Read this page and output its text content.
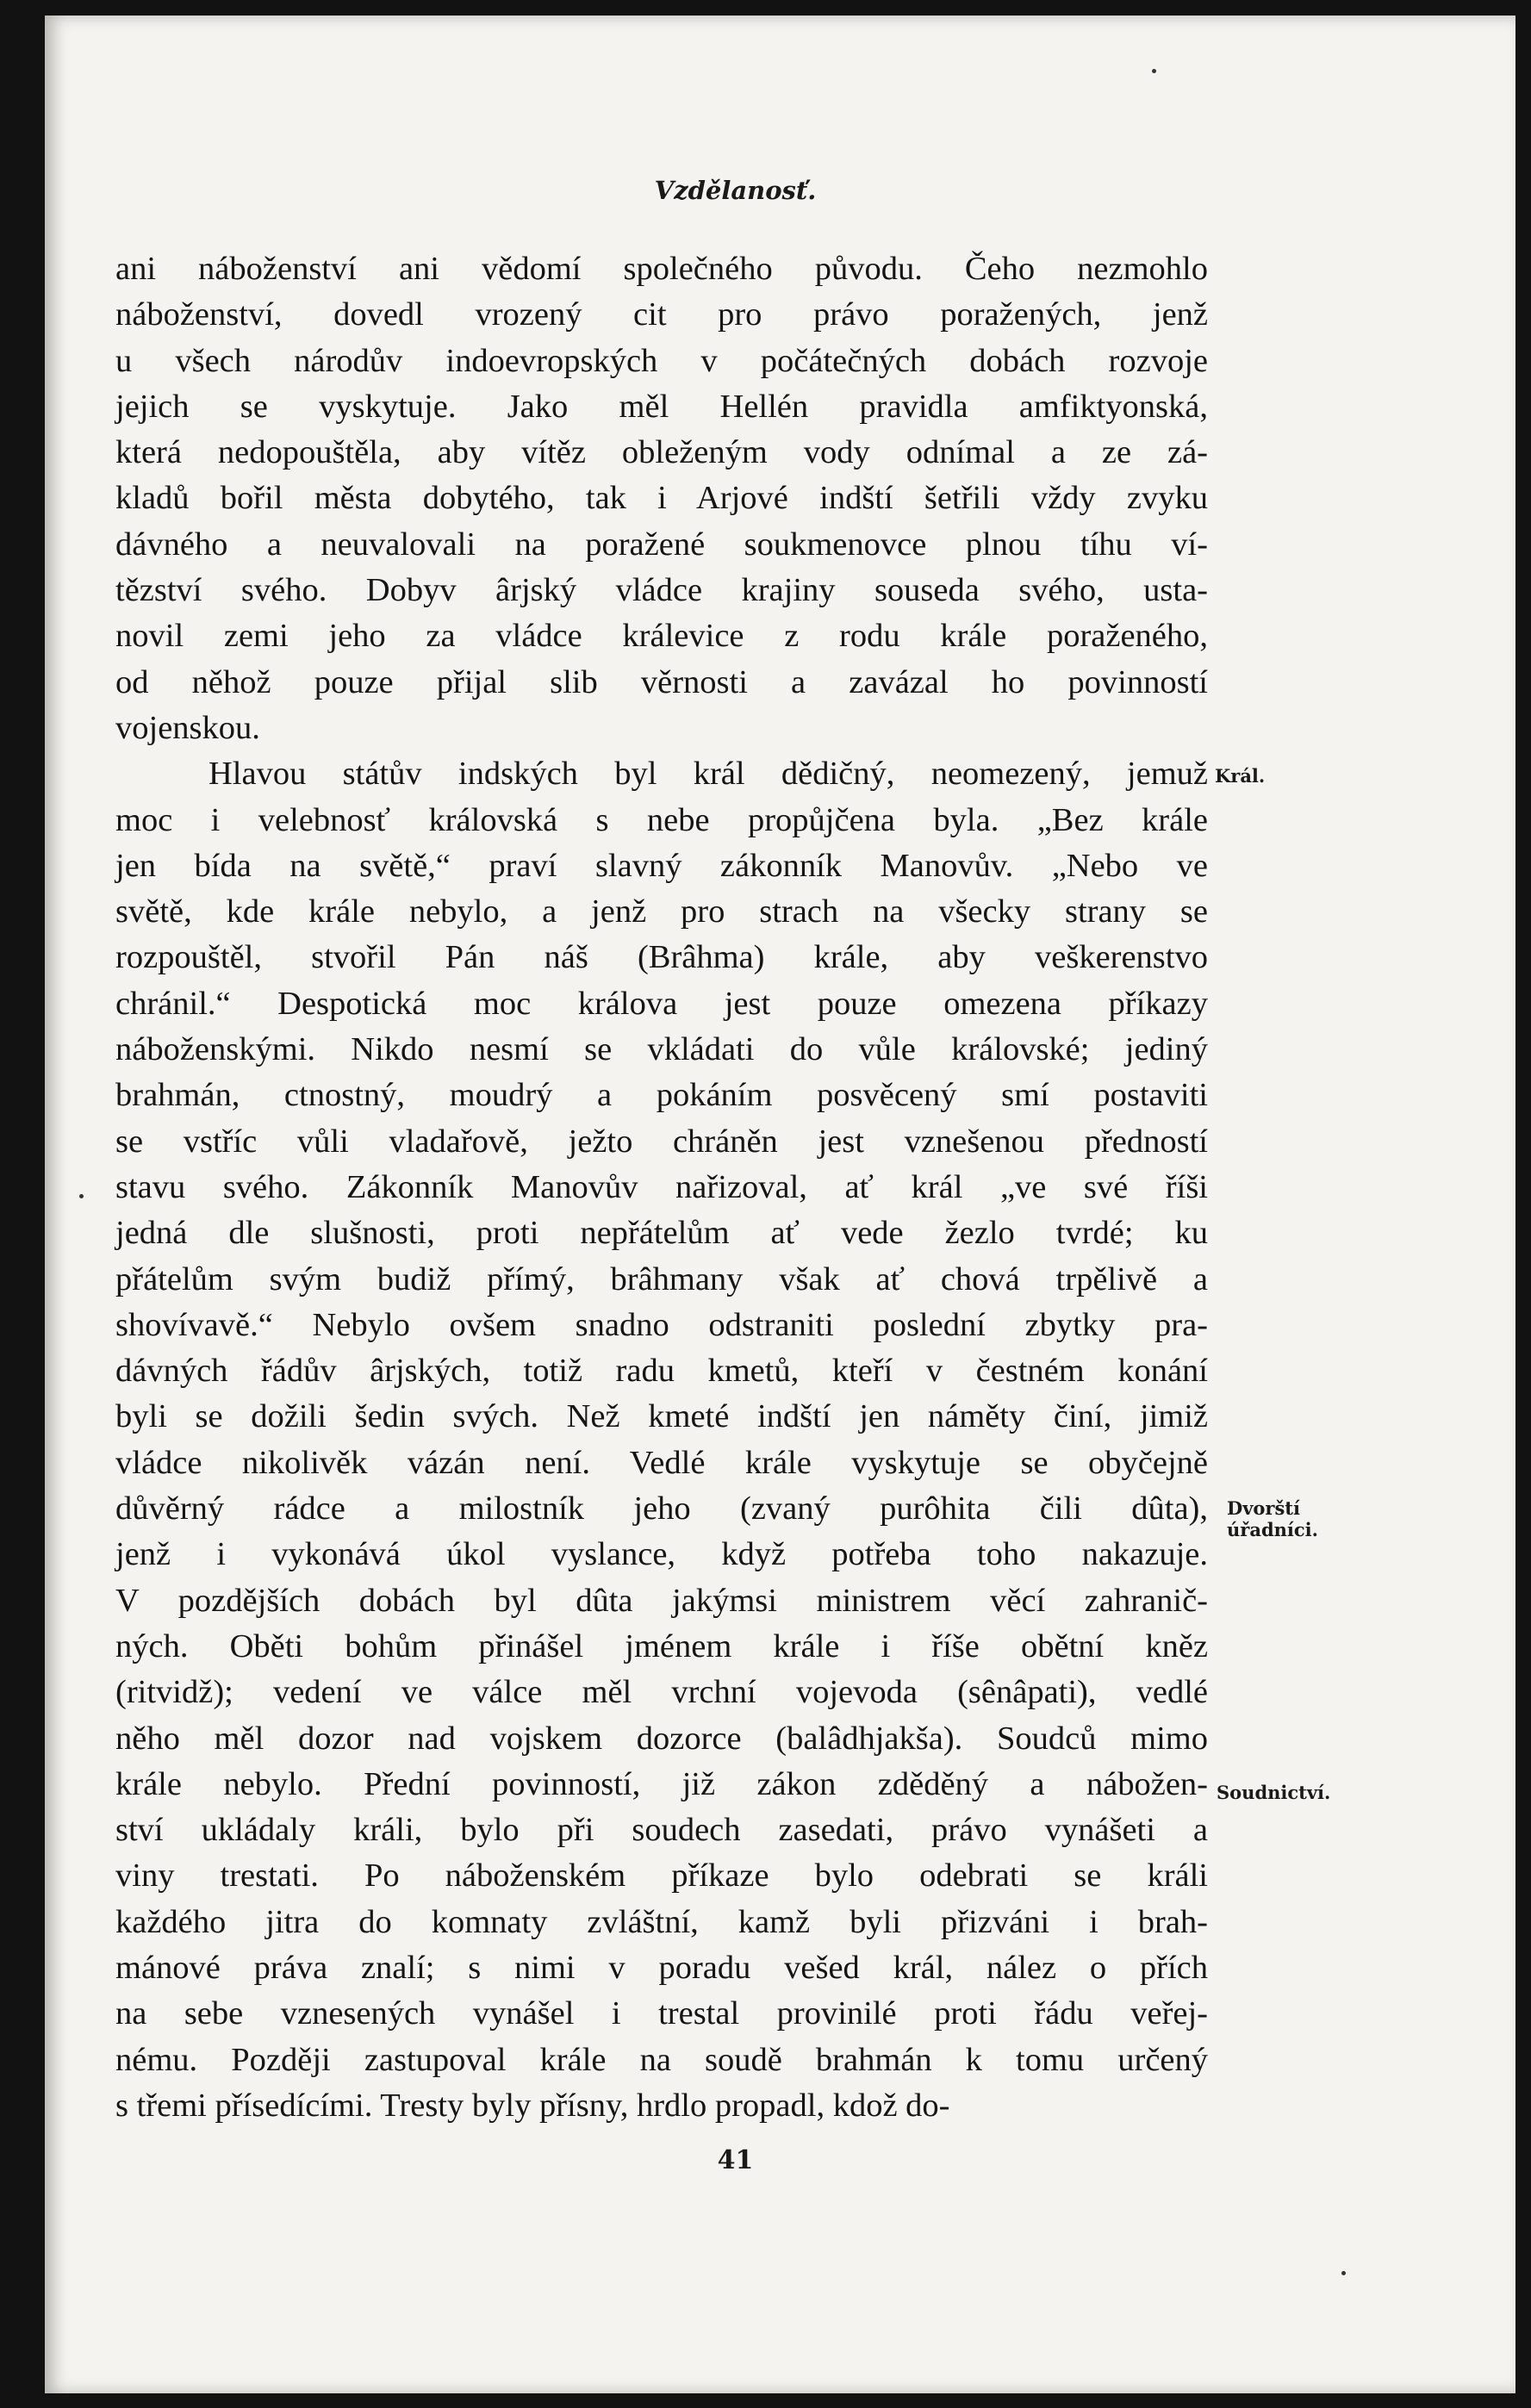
Vzdělanosť.

ani náboženství ani vědomí společného původu. Čeho nezmohlo
náboženství, dovedl vrozený cit pro právo poražených, jenž
u všech národův indoevropských v počátečných dobách rozvoje
jejich se vyskytuje. Jako měl Hellén pravidla amfiktyonská,
která nedopouštěla, aby vítěz obleženým vody odnímal a ze zá-
kladů bořil města dobytého, tak i Arjové indští šetřili vždy zvyku
dávného a neuvalovali na poražené soukmenovce plnou tíhu ví-
tězství svého. Dobyv ârjský vládce krajiny souseda svého, usta-
novil zemi jeho za vládce králevice z rodu krále poraženého,
od něhož pouze přijal slib věrnosti a zavázal ho povinností
vojenskou.

Hlavou státův indských byl král dědičný, neomezený, jemuž
moc i velebnosť královská s nebe propůjčena byla. „Bez krále
jen bída na světě,“ praví slavný zákonník Manovův. „Nebo ve
světě, kde krále nebylo, a jenž pro strach na všecky strany se
rozpouštěl, stvořil Pán náš (Brâhma) krále, aby veškerenstvo
chránil.“ Despotická moc králova jest pouze omezena příkazy
náboženskými. Nikdo nesmí se vkládati do vůle královské; jediný
brahmán, ctnostný, moudrý a pokáním posvěcený smí postaviti
se vstříc vůli vladařově, ježto chráněn jest vznešenou předností
stavu svého. Zákonník Manovův nařizoval, ať král „ve své říši
jedná dle slušnosti, proti nepřátelům ať vede žezlo tvrdé; ku
přátelům svým budiž přímý, brâhmany však ať chová trpělivě a
shovívavě.“ Nebylo ovšem snadno odstraniti poslední zbytky pra-
dávných řádův ârjských, totiž radu kmetů, kteří v čestném konání
byli se dožili šedin svých. Než kmeté indští jen náměty činí, jimiž
vládce nikolivěk vázán není. Vedlé krále vyskytuje se obyčejně
důvěrný rádce a milostník jeho (zvaný purôhita čili dûta),
jenž i vykonává úkol vyslance, když potřeba toho nakazuje.
V pozdějších dobách byl dûta jakýmsi ministrem věcí zahranič-
ných. Oběti bohům přinášel jménem krále i říše obětní kněz
(ritvidž); vedení ve válce měl vrchní vojevoda (sênâpati), vedlé
něho měl dozor nad vojskem dozorce (balâdhjakša). Soudců mimo
krále nebylo. Přední povinností, již zákon zděděný a nábožen-
ství ukládaly králi, bylo při soudech zasedati, právo vynášeti a
viny trestati. Po náboženském příkaze bylo odebrati se králi
každého jitra do komnaty zvláštní, kamž byli přizváni i brah-
mánové práva znalí; s nimi v poradu vešed král, nález o přích
na sebe vznesených vynášel i trestal provinilé proti řádu veřej-
nému. Později zastupoval krále na soudě brahmán k tomu určený
s třemi přísedícími. Tresty byly přísny, hrdlo propadl, kdož do-

Král.
Dvorští
úřadníci.
Soudnictví.
41
